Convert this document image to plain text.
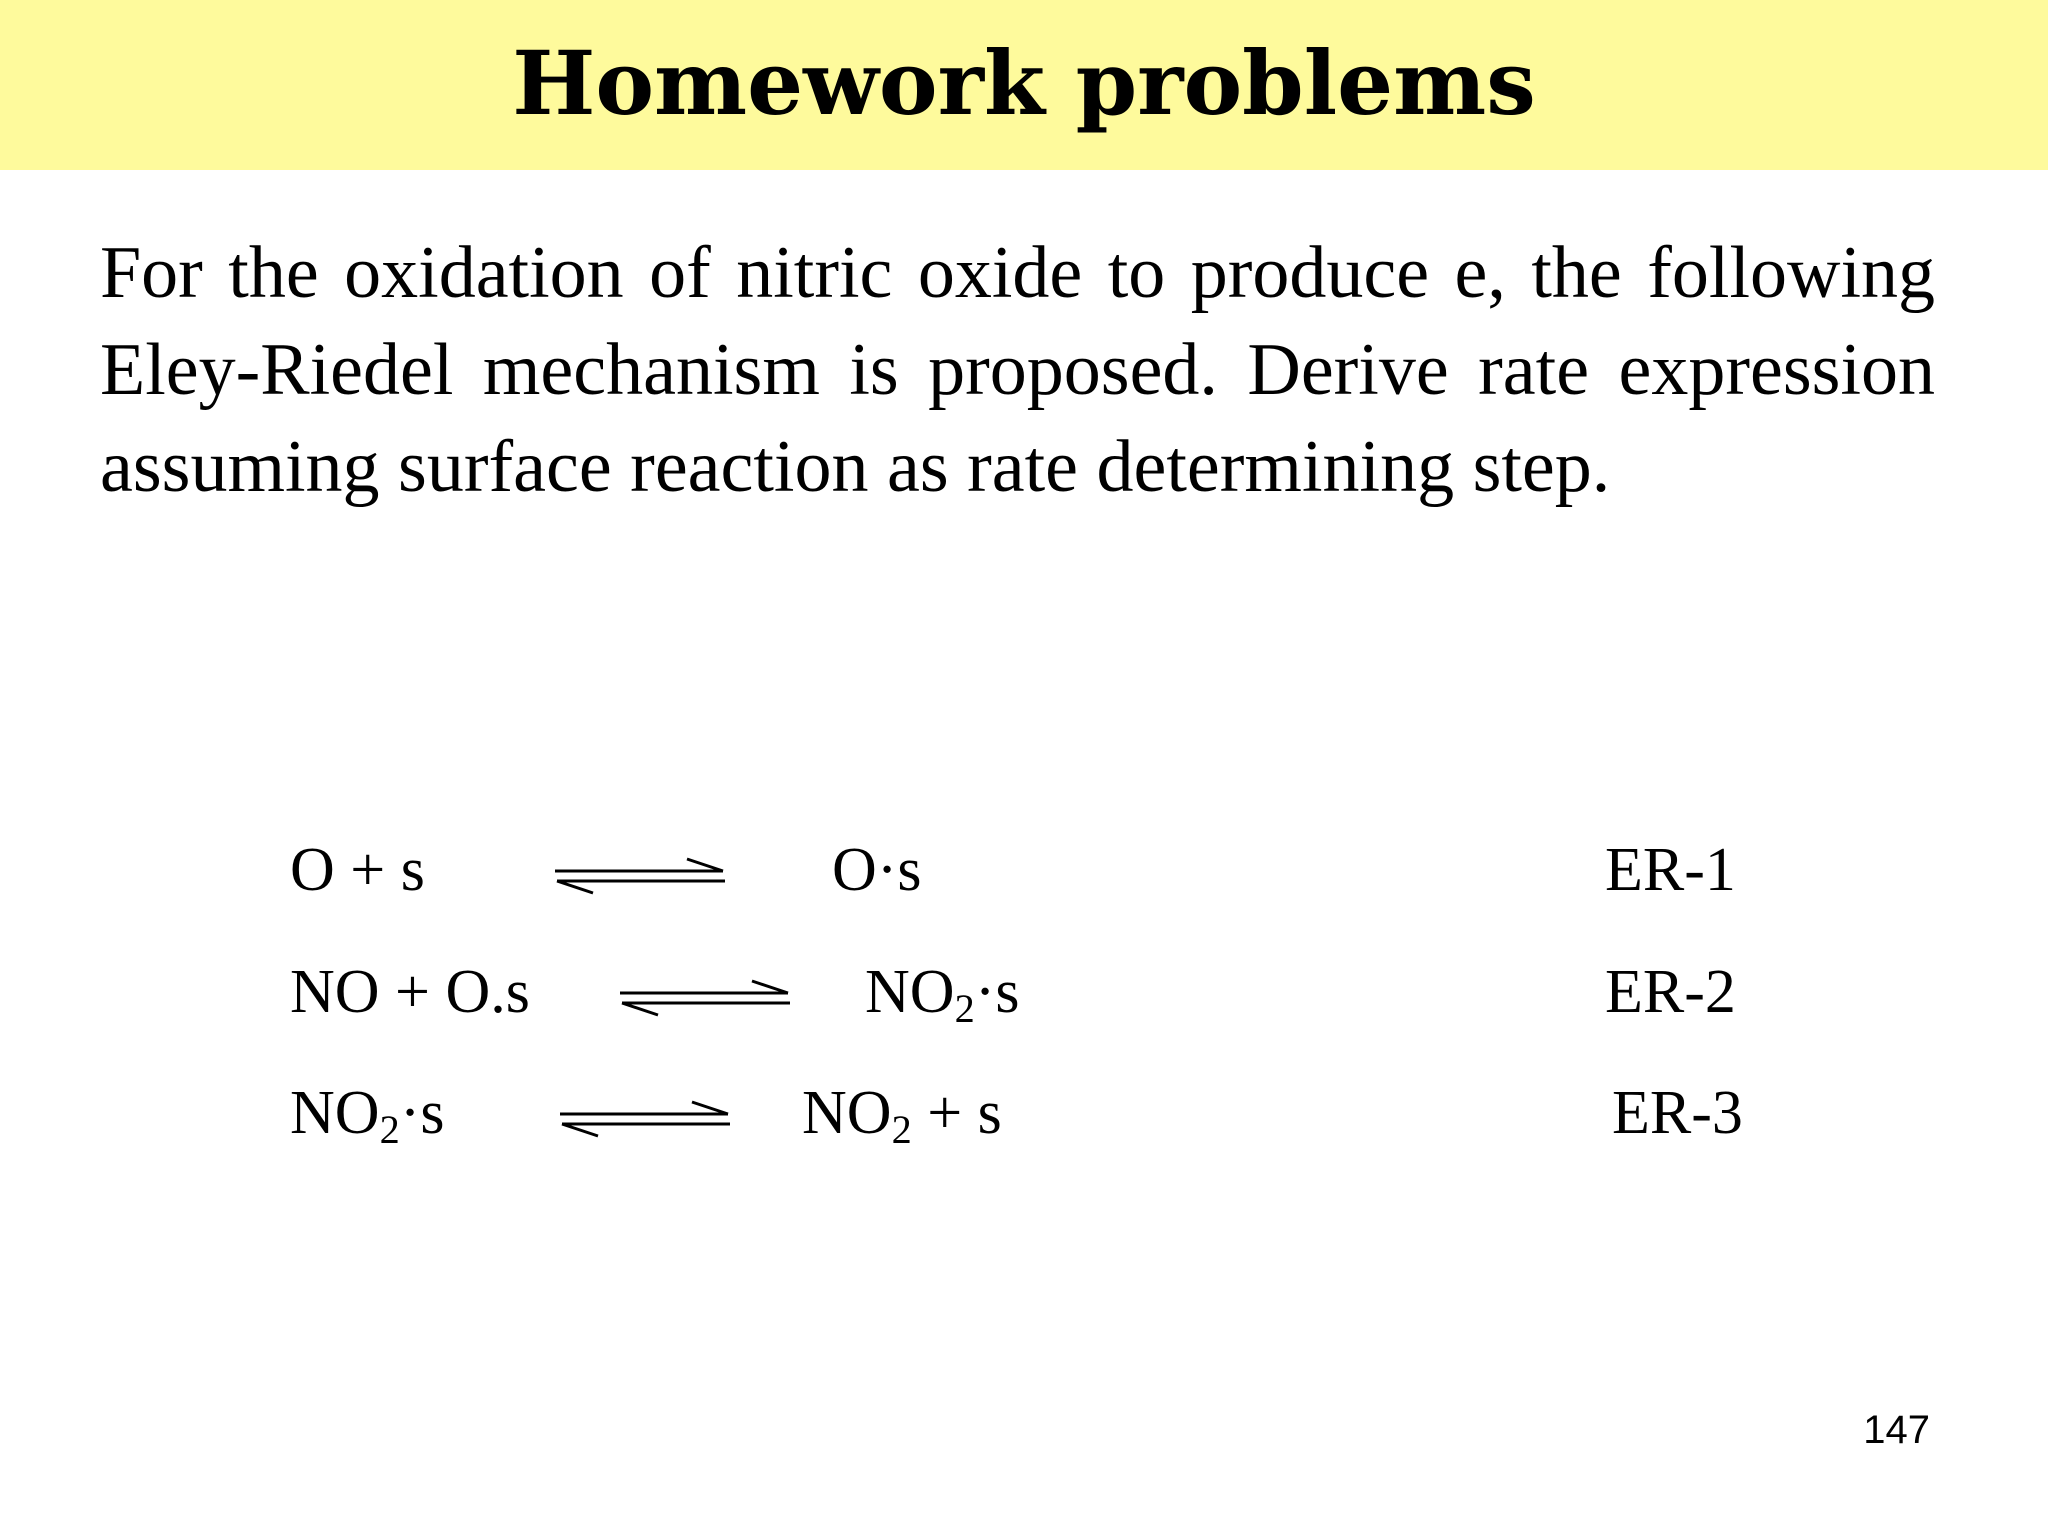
Homework problems
For the oxidation of nitric oxide to produce e, the following Eley-Riedel mechanism is proposed. Derive rate expression assuming surface reaction as rate determining step.
O + s	O·s	ER-1
NO + O.s ⇌ $NO_2\cdot s$	ER-2
$NO_2\cdot s$ ⇌ $NO_2 + s$	ER-3
147
